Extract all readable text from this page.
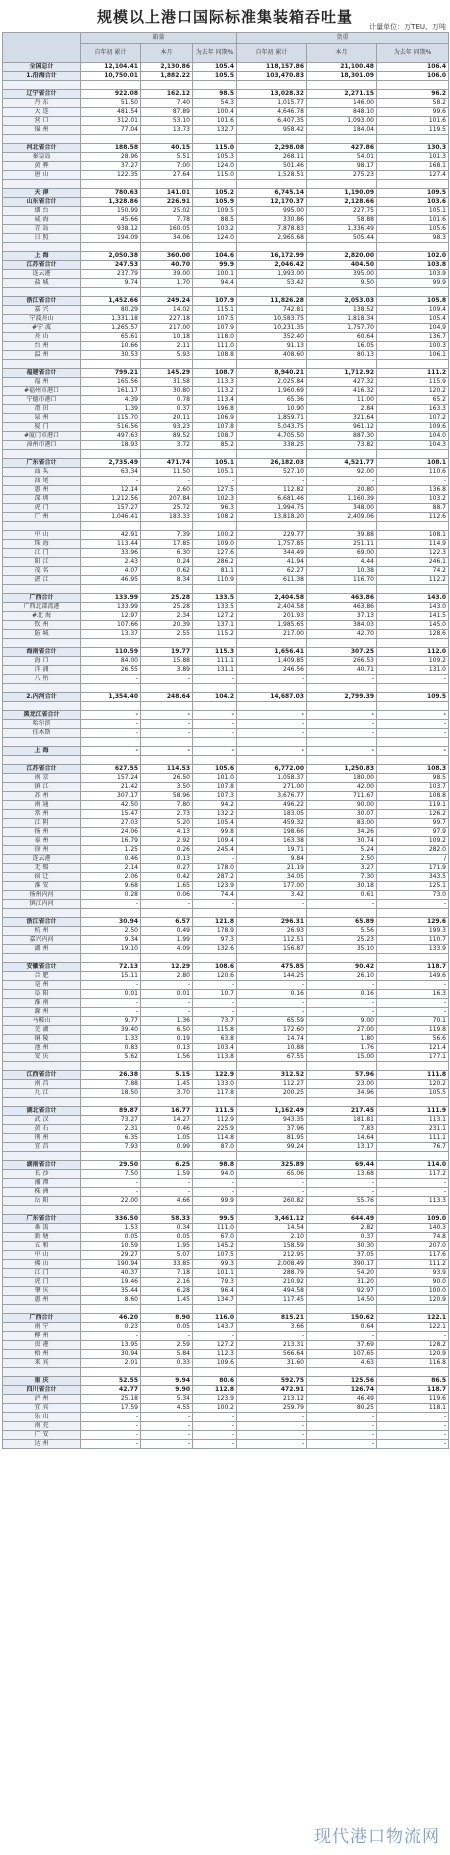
规模以上港口国际标准集装箱吞吐量
计量单位：万TEU、万吨
	箱量			货重		
	自年初 累计	本月	为去年 同期%	自年初 累计	本月	为去年 同期%
全国总计	12,104.41	2,130.86	105.4	118,157.86	21,100.48	106.4
1.沿海合计	10,750.01	1,882.22	105.5	103,470.83	18,301.09	106.0

辽宁省合计	922.08	162.12	98.5	13,028.32	2,271.15	96.2
丹 东	51.50	7.40	54.3	1,015.77	146.00	58.2
大 连	481.54	87.89	100.4	4,646.78	848.10	99.6
营 口	312.01	53.10	101.6	6,407.35	1,093.00	101.6
锦 州	77.04	13.73	132.7	958.42	184.04	119.5

河北省合计	188.58	40.15	115.0	2,298.08	427.86	130.3
秦皇岛	28.96	5.51	105.3	268.11	54.01	101.3
黄 骅	37.27	7.00	124.0	501.46	98.17	168.1
唐 山	122.35	27.64	115.0	1,528.51	275.23	127.4

天 津	780.63	141.01	105.2	6,745.14	1,190.09	109.5
山东省合计	1,328.86	226.91	105.9	12,170.37	2,128.66	103.6
烟 台	150.99	25.02	109.5	995.00	227.75	105.1
威 海	45.66	7.78	88.5	330.86	58.88	101.6
青 岛	938.12	160.05	103.2	7,878.83	1,336.49	105.6
日 照	194.09	34.06	124.0	2,965.68	505.44	98.3

上 海	2,050.38	360.00	104.6	16,172.99	2,820.00	102.0
江苏省合计	247.53	40.70	99.9	2,046.42	404.50	103.8
连云港	237.79	39.00	100.1	1,993.00	395.00	103.9
盐 城	9.74	1.70	94.4	53.42	9.50	99.9

浙江省合计	1,452.66	249.24	107.9	11,826.28	2,053.03	105.8
嘉 兴	80.29	14.02	115.1	742.81	138.52	109.4
宁波舟山	1,331.18	227.18	107.5	10,583.75	1,818.34	105.4
#宁 波	1,265.57	217.00	107.9	10,231.35	1,757.70	104.9
舟 山	65.61	10.18	118.0	352.40	60.64	136.7
台 州	10.66	2.11	111.0	91.13	16.05	100.3
温 州	30.53	5.93	108.8	408.60	80.13	106.1

福建省合计	799.21	145.29	108.7	8,940.21	1,712.92	111.2
福 州	165.56	31.58	113.3	2,025.84	427.32	115.9
#福州市港口	161.17	30.80	113.2	1,960.69	416.32	120.2
宁德市港口	4.39	0.78	113.4	65.36	11.00	65.2
莆 田	1.39	0.37	196.8	10.90	2.84	163.3
泉 州	115.70	20.11	106.9	1,859.71	321.64	107.2
厦 门	516.56	93.23	107.8	5,043.75	961.12	109.6
#厦门市港口	497.63	89.52	108.7	4,705.50	887.30	104.0
漳州市港口	18.93	3.72	85.2	338.25	73.82	104.3

广东省合计	2,735.49	471.74	105.1	26,182.03	4,521.77	108.1
汕 头	63.34	11.50	105.1	527.10	92.00	110.6
汕 尾	-	-	-	-	-	-
惠 州	12.14	2.60	127.5	112.82	20.80	136.8
深 圳	1,212.56	207.84	102.3	6,681.46	1,160.39	103.2
虎 门	157.27	25.72	96.3	1,994.75	348.00	88.7
广 州	1,046.41	183.33	108.2	13,818.20	2,409.06	112.6

中 山	42.91	7.39	100.2	229.77	39.88	108.1
珠 海	113.44	17.85	109.0	1,757.85	251.11	114.9
江 门	33.96	6.30	127.6	344.49	69.00	122.3
阳 江	2.43	0.24	286.2	41.94	4.44	246.1
茂 名	4.07	0.62	81.1	62.27	10.38	74.2
湛 江	46.95	8.34	110.9	611.38	116.70	112.2

广西合计	133.99	25.28	133.5	2,404.58	463.86	143.0
广西北部湾港	133.99	25.28	133.5	2,404.58	463.86	143.0
#北 海	12.97	2.34	127.2	201.93	37.13	141.5
钦 州	107.66	20.39	137.1	1,985.65	384.03	145.0
防 城	13.37	2.55	115.2	217.00	42.70	128.6

海南省合计	110.59	19.77	115.3	1,656.41	307.25	112.0
海 口	84.00	15.88	111.1	1,409.85	266.53	109.2
洋 浦	26.55	3.89	131.1	246.56	40.71	131.0
八 所	-	-	-	-	-	-

2.内河合计	1,354.40	248.64	104.2	14,687.03	2,799.39	109.5

黑龙江省合计	-	-	-	-	-	-
哈尔滨	-	-	-	-	-	-
佳木斯	-	-	-	-	-	-

上 海	-	-	-	-	-	-

江苏省合计	627.55	114.53	105.6	6,772.00	1,250.83	108.3
南 京	157.24	26.50	101.0	1,058.37	180.00	98.5
镇 江	21.42	3.50	107.8	271.00	42.00	103.7
苏 州	307.17	58.96	107.3	3,676.77	711.67	108.8
南 通	42.50	7.80	94.2	496.22	90.00	119.1
常 州	15.47	2.73	132.2	183.05	30.07	126.2
江 阴	27.03	5.20	105.4	459.32	83.00	99.7
扬 州	24.06	4.13	99.8	198.66	34.26	97.9
泰 州	16.79	2.92	109.4	163.38	30.74	109.2
徐 州	1.25	0.26	245.4	19.71	5.24	282.0
连云港	0.46	0.13	-	9.84	2.50	/
无 锡	2.14	0.27	178.0	21.19	3.27	171.9
宿 迁	2.06	0.42	287.2	34.05	7.30	343.5
淮 安	9.68	1.65	123.9	177.00	30.18	125.1
扬州内河	0.28	0.06	74.4	3.42	0.61	73.0
镇江内河	-	-	-	-	-	-

浙江省合计	30.94	6.57	121.8	296.31	65.89	129.6
杭 州	2.50	0.49	178.9	26.93	5.56	199.3
嘉兴内河	9.34	1.99	97.3	112.51	25.23	110.7
湖 州	19.10	4.09	132.6	156.87	35.10	133.9

安徽省合计	72.13	12.29	108.6	475.85	90.42	118.7
合 肥	15.11	2.80	120.6	144.25	26.10	149.6
亳 州	-	-	-	-	-	-
阜 阳	0.01	0.01	10.7	0.16	0.16	16.3
淮 南	-	-	-	-	-	-
滁 州	-	-	-	-	-	-
马鞍山	9.77	1.36	73.7	65.59	9.00	70.1
芜 湖	39.40	6.50	115.8	172.60	27.00	119.8
铜 陵	1.33	0.19	63.8	14.74	1.80	56.6
池 州	0.83	0.13	103.4	10.88	1.76	121.4
安 庆	5.62	1.56	113.8	67.55	15.00	177.1

江西省合计	26.38	5.15	122.9	312.52	57.96	111.8
南 昌	7.88	1.45	133.0	112.27	23.00	120.2
九 江	18.50	3.70	117.8	200.25	34.96	105.5

湖北省合计	89.87	16.77	111.5	1,162.49	217.45	111.9
武 汉	73.27	14.27	112.9	943.35	181.81	113.1
黄 石	2.31	0.46	225.9	37.96	7.83	231.1
荆 州	6.35	1.05	114.8	81.95	14.64	111.1
宜 昌	7.93	0.99	87.0	99.24	13.17	76.7

湖南省合计	29.50	6.25	98.8	325.89	69.44	114.0
长 沙	7.50	1.59	94.0	65.06	13.68	117.2
湘 潭	-	-	-	-	-	-
株 洲	-	-	-	-	-	-
岳 阳	22.00	4.66	99.9	260.82	55.76	113.3

广东省合计	336.50	58.33	99.5	3,461.12	644.49	109.0
番 禺	1.53	0.34	111.0	14.54	2.82	140.3
新 塘	0.05	0.05	67.0	2.10	0.37	74.8
五 和	10.59	1.95	145.2	158.59	30.30	207.0
中 山	29.27	5.07	107.5	212.95	37.05	117.6
佛 山	190.94	33.85	99.3	2,008.49	390.17	111.2
江 门	40.37	7.18	101.1	288.79	54.20	93.9
虎 门	19.46	2.16	79.3	210.92	31.20	90.0
肇 庆	35.44	6.28	96.4	494.58	92.97	100.0
惠 州	8.60	1.45	134.7	117.45	14.50	120.9

广西合计	46.20	8.90	116.0	815.21	150.62	122.1
南 宁	0.23	0.05	143.7	3.66	0.64	122.1
柳 州	-	-	-	-	-	-
贵 港	13.95	2.59	127.2	213.31	37.69	128.2
梧 州	30.94	5.84	112.3	566.64	107.65	120.9
来 宾	2.01	0.33	109.6	31.60	4.63	116.8

重 庆	52.55	9.94	80.6	592.75	125.56	86.5
四川省合计	42.77	9.90	112.8	472.91	126.74	118.7
泸 州	25.18	5.34	123.9	213.12	46.49	119.6
宜 宾	17.59	4.55	100.2	259.79	80.25	118.1
乐 山	-	-	-	-	-	-
南 充	-	-	-	-	-	-
广 安	-	-	-	-	-	-
达 州	-	-	-	-	-	-
现代港口物流网
